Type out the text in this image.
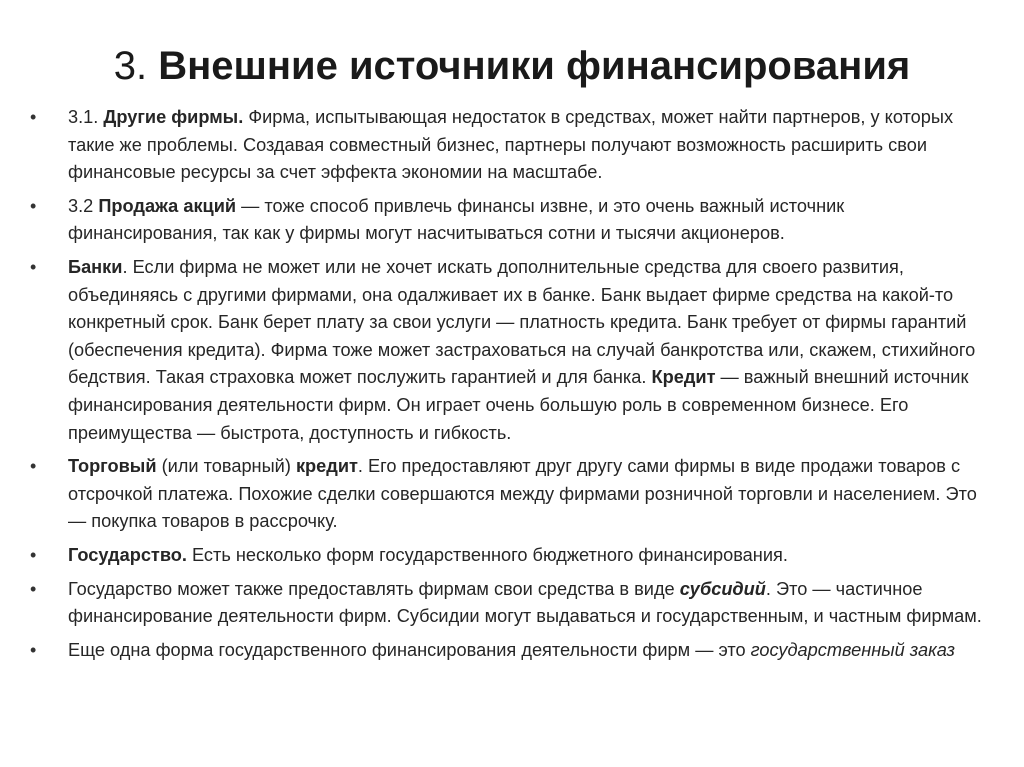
3. Внешние источники финансирования
•	3.1. Другие фирмы. Фирма, испытывающая недостаток в средствах, может найти партнеров, у которых такие же проблемы. Создавая совместный бизнес, партнеры получают возможность расширить свои финансовые ресурсы за счет эффекта экономии на масштабе.
•	3.2 Продажа акций — тоже способ привлечь финансы извне, и это очень важный источник финансирования, так как у фирмы могут насчитываться сотни и тысячи акционеров.
•	Банки. Если фирма не может или не хочет искать дополнительные средства для своего развития, объединяясь с другими фирмами, она одалживает их в банке. Банк выдает фирме средства на какой-то конкретный срок. Банк берет плату за свои услуги — платность кредита. Банк требует от фирмы гарантий (обеспечения кредита). Фирма тоже может застраховаться на случай банкротства или, скажем, стихийного бедствия. Такая страховка может послужить гарантией и для банка. Кредит — важный внешний источник финансирования деятельности фирм. Он играет очень большую роль в современном бизнесе. Его преимущества — быстрота, доступность и гибкость.
•	Торговый (или товарный) кредит. Его предоставляют друг другу сами фирмы в виде продажи товаров с отсрочкой платежа. Похожие сделки совершаются между фирмами розничной торговли и населением. Это — покупка товаров в рассрочку.
•	Государство. Есть несколько форм государственного бюджетного финансирования.
•	Государство может также предоставлять фирмам свои средства в виде субсидий. Это — частичное финансирование деятельности фирм. Субсидии могут выдаваться и государственным, и частным фирмам.
•	Еще одна форма государственного финансирования деятельности фирм — это государственный заказ
